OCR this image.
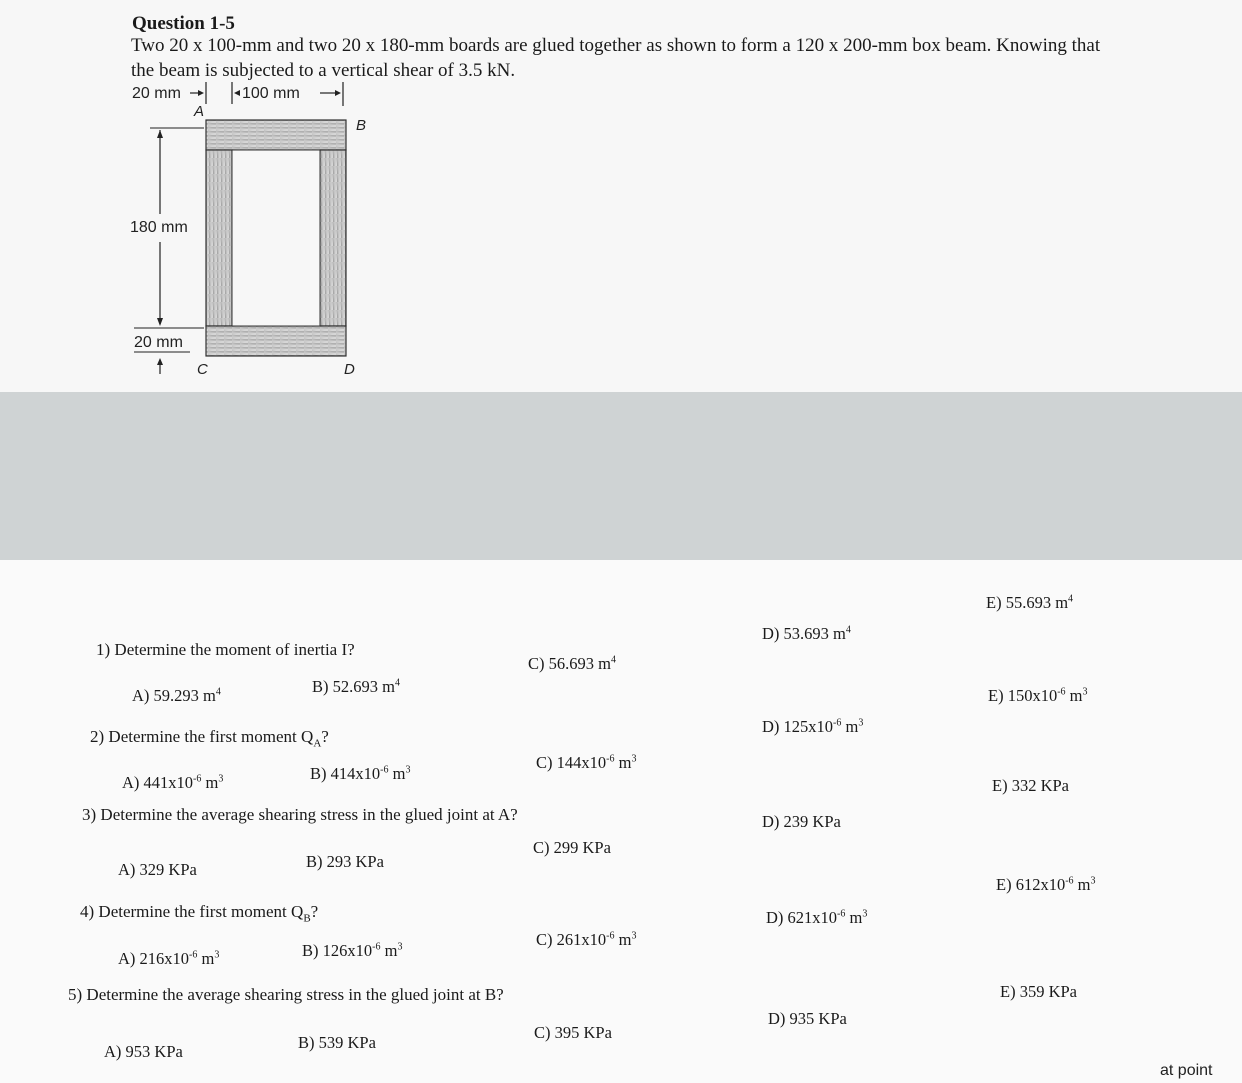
Question 1-5
Two 20 x 100-mm and two 20 x 180-mm boards are glued together as shown to form a 120 x 200-mm box beam. Knowing that
the beam is subjected to a vertical shear of 3.5 kN.
20 mm	100 mm
A
B
180 mm
20 mm
C	D
1) Determine the moment of inertia I?
A) 59.293 $m^4$	B) 52.693 $m^4$
C) 56.693 $m^4$
D) 53.693 $m^4$
E) 55.693 $m^4$
2) Determine the first moment $Q_A$?
A) $441x10^{-6}$ $m^3$	B) $414x10^{-6}$ $m^3$	C) $144x10^{-6}$ $m^3$
D) $125x10^{-6}$ $m^3$
E) $150x10^{-6}$ $m^3$
3) Determine the average shearing stress in the glued joint at A?
A) 329 KPa	B) 293 KPa
C) 299 KPa
D) 239 KPa
E) 332 KPa
4) Determine the first moment $Q_B$?
A) $216x10^{-6}$ $m^3$	B) $126x10^{-6}$ $m^3$	C) $261x10^{-6}$ $m^3$
D) $621x10^{-6}$ $m^3$
E) $612x10^{-6}$ $m^3$
5) Determine the average shearing stress in the glued joint at B?
A) 953 KPa	B) 539 KPa
C) 395 KPa
D) 935 KPa
E) 359 KPa
at point
